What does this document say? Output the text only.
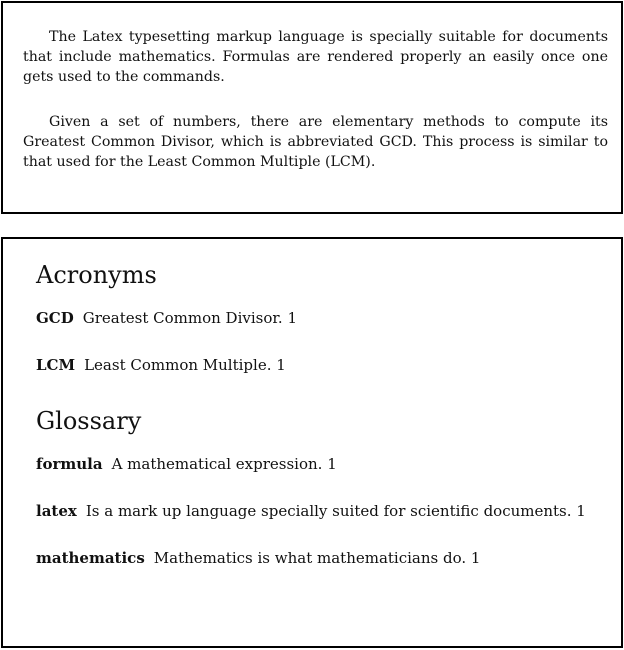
The Latex typesetting markup language is specially suitable for documents that include mathematics. Formulas are rendered properly an easily once one gets used to the commands.

Given a set of numbers, there are elementary methods to compute its Greatest Common Divisor, which is abbreviated GCD. This process is similar to that used for the Least Common Multiple (LCM).

Acronyms
GCD Greatest Common Divisor. 1
LCM Least Common Multiple. 1
Glossary
formula A mathematical expression. 1
latex Is a mark up language specially suited for scientific documents. 1
mathematics Mathematics is what mathematicians do. 1
